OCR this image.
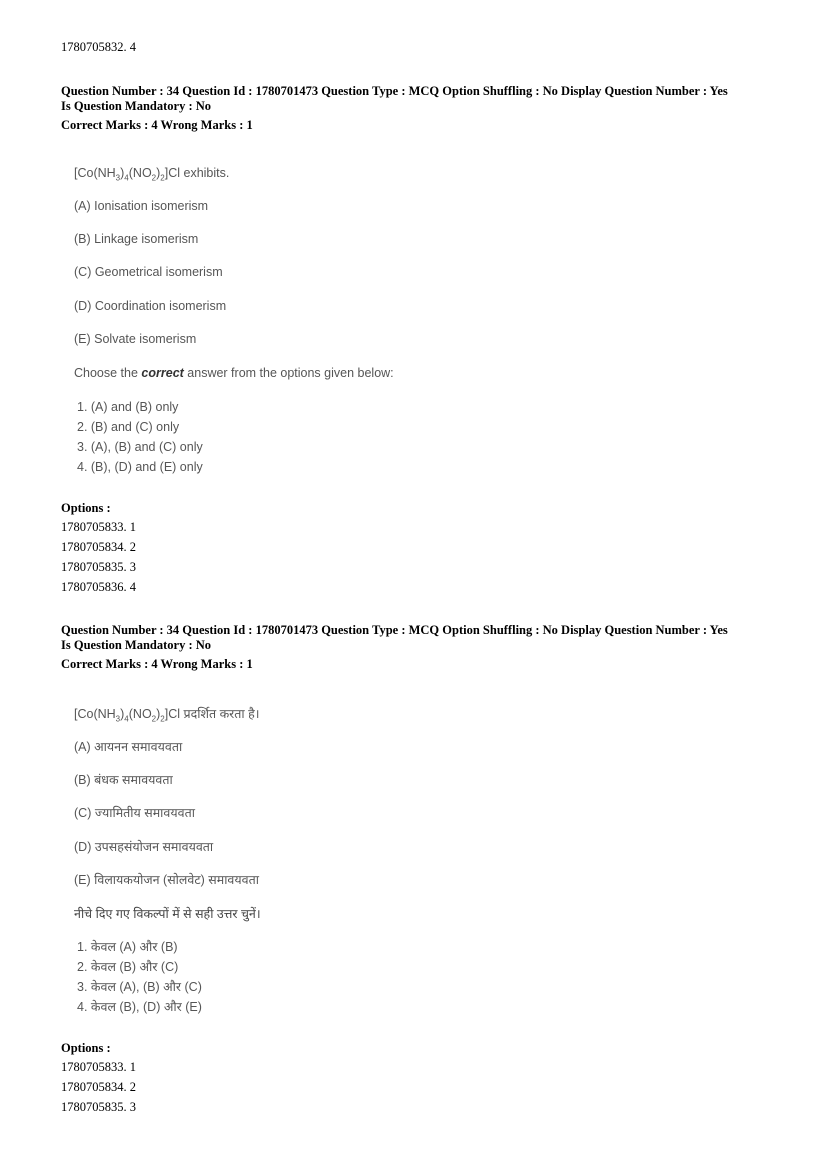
1780705832. 4
Question Number : 34 Question Id : 1780701473 Question Type : MCQ Option Shuffling : No Display Question Number : Yes
Is Question Mandatory : No
Correct Marks : 4 Wrong Marks : 1
$[Co(NH_3)_4(NO_2)_2]Cl$ exhibits.
(A) Ionisation isomerism
(B) Linkage isomerism
(C) Geometrical isomerism
(D) Coordination isomerism
(E) Solvate isomerism
Choose the correct answer from the options given below:
1. (A) and (B) only
2. (B) and (C) only
3. (A), (B) and (C) only
4. (B), (D) and (E) only
Options :
1780705833. 1
1780705834. 2
1780705835. 3
1780705836. 4
Question Number : 34 Question Id : 1780701473 Question Type : MCQ Option Shuffling : No Display Question Number : Yes
Is Question Mandatory : No
Correct Marks : 4 Wrong Marks : 1
$[Co(NH_3)_4(NO_2)_2]Cl$ प्रदर्शित करता है।
(A) आयनन समावयवता
(B) बंधक समावयवता
(C) ज्यामितीय समावयवता
(D) उपसहसंयोजन समावयवता
(E) विलायकयोजन (सोलवेट) समावयवता
नीचे दिए गए विकल्पों में से सही उत्तर चुनें।
1. केवल (A) और (B)
2. केवल (B) और (C)
3. केवल (A), (B) और (C)
4. केवल (B), (D) और (E)
Options :
1780705833. 1
1780705834. 2
1780705835. 3
